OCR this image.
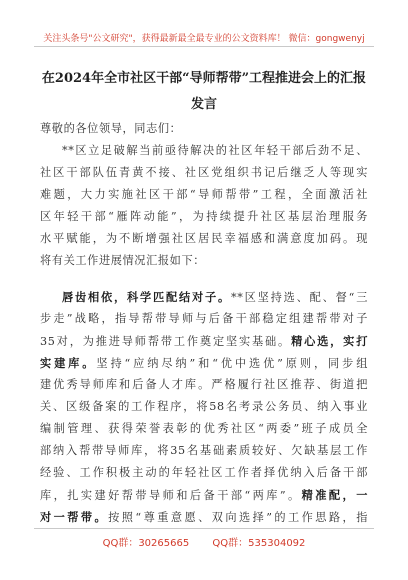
关注头条号"公文研究"，获得最新最全最专业的公文资料库！ 微信：gongwenyj
在2024年全市社区干部“导师帮带”工程推进会上的汇报
发言
尊敬的各位领导，同志们：
**区立足破解当前亟待解决的社区年轻干部后劲不足、
社区干部队伍青黄不接、社区党组织书记后继乏人等现实
难题，大力实施社区干部“导师帮带”工程，全面激活社
区年轻干部“雁阵动能”，为持续提升社区基层治理服务
水平赋能，为不断增强社区居民幸福感和满意度加码。现
将有关工作进展情况汇报如下：
唇齿相依，科学匹配结对子。**区坚持选、配、督“三
步走”战略，指导帮带导师与后备干部稳定组建帮带对子
35对，为推进导师帮带工作奠定坚实基础。精心选，实打
实建库。坚持“应纳尽纳”和“优中选优”原则，同步组
建优秀导师库和后备人才库。严格履行社区推荐、街道把
关、区级备案的工作程序，将58名考录公务员、纳入事业
编制管理、获得荣誉表彰的优秀社区“两委”班子成员全
部纳入帮带导师库，将35名基础素质较好、欠缺基层工作
经验、工作积极主动的年轻社区工作者择优纳入后备干部
库，扎实建好帮带导师和后备干部“两库”。精准配，一
对一帮带。按照“尊重意愿、双向选择”的工作思路，指
QQ群：30265665 QQ群：535304092
